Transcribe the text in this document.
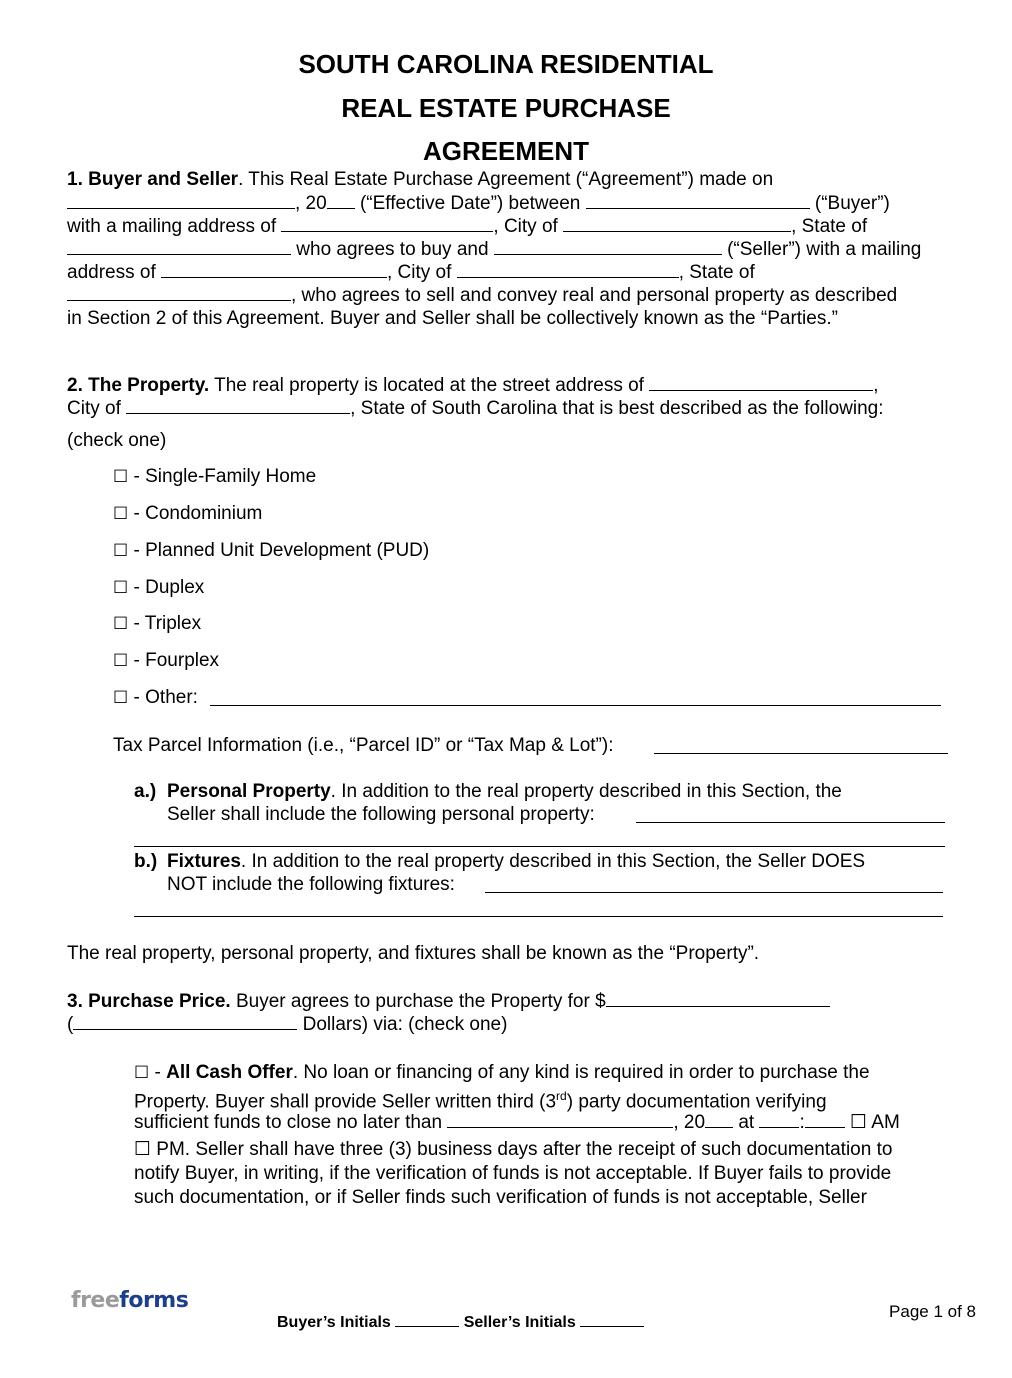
SOUTH CAROLINA RESIDENTIAL
REAL ESTATE PURCHASE
AGREEMENT
1. Buyer and Seller. This Real Estate Purchase Agreement (“Agreement”) made on
, 20 (“Effective Date”) between	(“Buyer”)
with a mailing address of	, City of	, State of
who agrees to buy and	(“Seller”) with a mailing
address of	, City of	, State of
, who agrees to sell and convey real and personal property as described
in Section 2 of this Agreement. Buyer and Seller shall be collectively known as the “Parties.”
2. The Property. The real property is located at the street address of	,
City of	, State of South Carolina that is best described as the following:
(check one)
☐ - Single-Family Home
☐ - Condominium
☐ - Planned Unit Development (PUD)
☐ - Duplex
☐ - Triplex
☐ - Fourplex
☐ - Other:
Tax Parcel Information (i.e., “Parcel ID” or “Tax Map & Lot”):
a.) Personal Property. In addition to the real property described in this Section, the
Seller shall include the following personal property:
b.) Fixtures. In addition to the real property described in this Section, the Seller DOES
NOT include the following fixtures:
The real property, personal property, and fixtures shall be known as the “Property”.
3. Purchase Price. Buyer agrees to purchase the Property for $
(	Dollars) via: (check one)
☐ - All Cash Offer. No loan or financing of any kind is required in order to purchase the
Property. Buyer shall provide Seller written third (3rd) party documentation verifying
sufficient funds to close no later than	, 20 at : ☐ AM
☐ PM. Seller shall have three (3) business days after the receipt of such documentation to
notify Buyer, in writing, if the verification of funds is not acceptable. If Buyer fails to provide
such documentation, or if Seller finds such verification of funds is not acceptable, Seller
freeforms
Buyer’s Initials	Seller’s Initials
Page 1 of 8
